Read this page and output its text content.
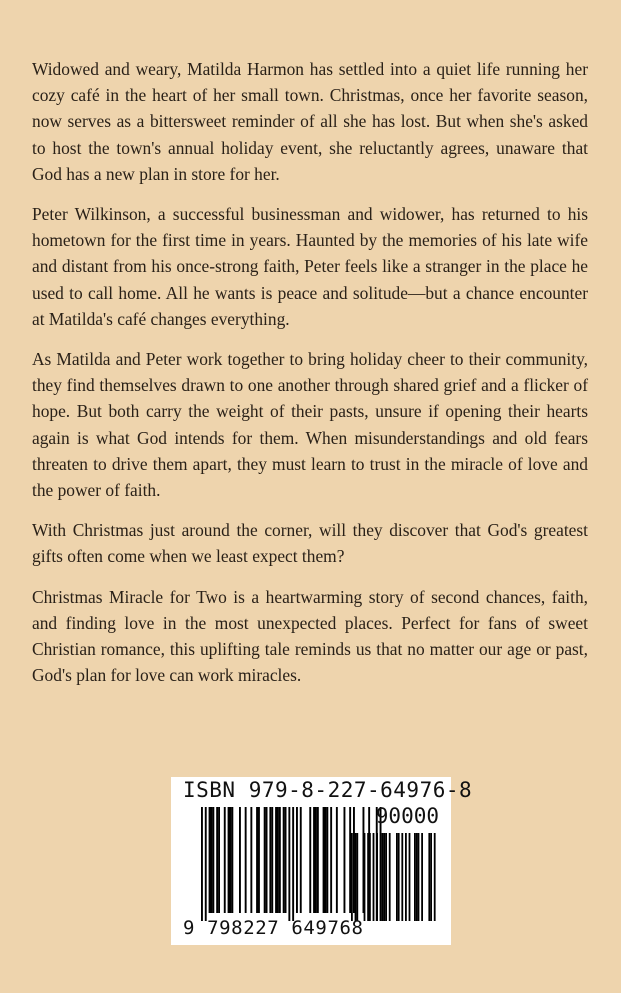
Widowed and weary, Matilda Harmon has settled into a quiet life running her cozy café in the heart of her small town. Christmas, once her favorite season, now serves as a bittersweet reminder of all she has lost. But when she's asked to host the town's annual holiday event, she reluctantly agrees, unaware that God has a new plan in store for her.

Peter Wilkinson, a successful businessman and widower, has returned to his hometown for the first time in years. Haunted by the memories of his late wife and distant from his once-strong faith, Peter feels like a stranger in the place he used to call home. All he wants is peace and solitude—but a chance encounter at Matilda's café changes everything.

As Matilda and Peter work together to bring holiday cheer to their community, they find themselves drawn to one another through shared grief and a flicker of hope. But both carry the weight of their pasts, unsure if opening their hearts again is what God intends for them. When misunderstandings and old fears threaten to drive them apart, they must learn to trust in the miracle of love and the power of faith.

With Christmas just around the corner, will they discover that God's greatest gifts often come when we least expect them?

Christmas Miracle for Two is a heartwarming story of second chances, faith, and finding love in the most unexpected places. Perfect for fans of sweet Christian romance, this uplifting tale reminds us that no matter our age or past, God's plan for love can work miracles.

ISBN 979-8-227-64976-8
90000
9 798227 649768
